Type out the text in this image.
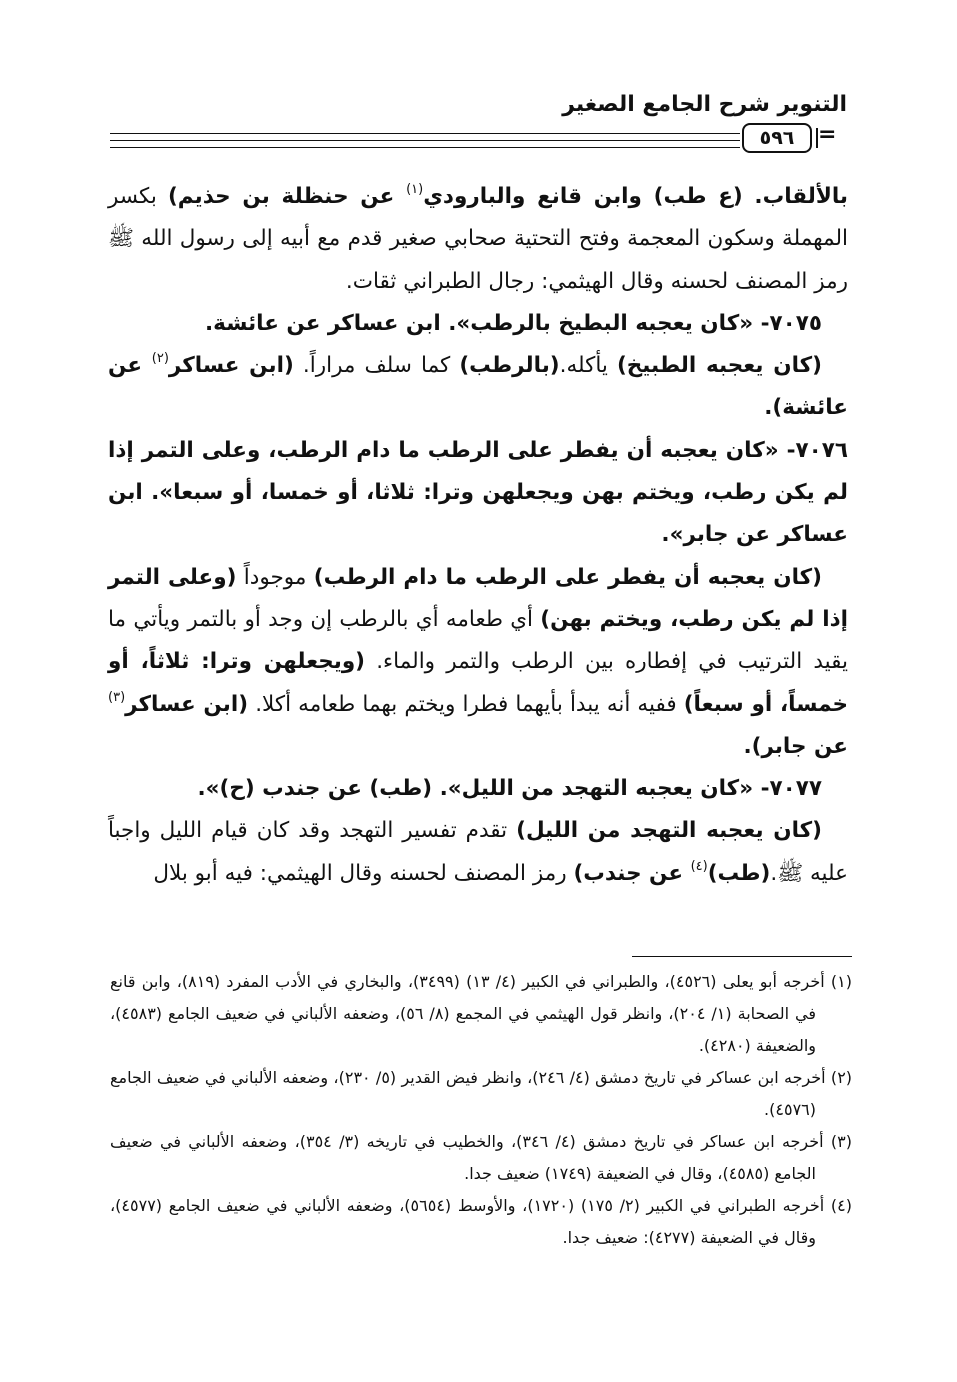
التنوير شرح الجامع الصغير
٥٩٦	=

بالألقاب. (ع طب) وابن قانع والبارودي$^{(١)}$ عن حنظلة بن حذيم) بكسر المهملة وسكون المعجمة وفتح التحتية صحابي صغير قدم مع أبيه إلى رسول الله ﷺ رمز المصنف لحسنه وقال الهيثمي: رجال الطبراني ثقات.

٧٠٧٥- «كان يعجبه البطيخ بالرطب». ابن عساكر عن عائشة.

(كان يعجبه الطبيخ) يأكله.(بالرطب) كما سلف مراراً. (ابن عساكر$^{(٢)}$ عن عائشة).

٧٠٧٦- «كان يعجبه أن يفطر على الرطب ما دام الرطب، وعلى التمر إذا لم يكن رطب، ويختم بهن ويجعلهن وترا: ثلاثا، أو خمسا، أو سبعا». ابن عساكر عن جابر».

(كان يعجبه أن يفطر على الرطب ما دام الرطب) موجوداً (وعلى التمر إذا لم يكن رطب، ويختم بهن) أي طعامه أي بالرطب إن وجد أو بالتمر ويأتي ما يقيد الترتيب في إفطاره بين الرطب والتمر والماء. (ويجعلهن وترا: ثلاثاً، أو خمساً، أو سبعاً) ففيه أنه يبدأ بأيهما فطرا ويختم بهما طعامه أكلا. (ابن عساكر$^{(٣)}$ عن جابر).

٧٠٧٧- «كان يعجبه التهجد من الليل». (طب) عن جندب (ح)».

(كان يعجبه التهجد من الليل) تقدم تفسير التهجد وقد كان قيام الليل واجباً عليه ﷺ.(طب)$^{(٤)}$ عن جندب) رمز المصنف لحسنه وقال الهيثمي: فيه أبو بلال

(١) أخرجه أبو يعلى (٤٥٢٦)، والطبراني في الكبير (٤/ ١٣) (٣٤٩٩)، والبخاري في الأدب المفرد (٨١٩)، وابن قانع في الصحابة (١/ ٢٠٤)، وانظر قول الهيثمي في المجمع (٨/ ٥٦)، وضعفه الألباني في ضعيف الجامع (٤٥٨٣)، والضعيفة (٤٢٨٠).

(٢) أخرجه ابن عساكر في تاريخ دمشق (٤/ ٢٤٦)، وانظر فيض القدير (٥/ ٢٣٠)، وضعفه الألباني في ضعيف الجامع (٤٥٧٦).

(٣) أخرجه ابن عساكر في تاريخ دمشق (٤/ ٣٤٦)، والخطيب في تاريخه (٣/ ٣٥٤)، وضعفه الألباني في ضعيف الجامع (٤٥٨٥)، وقال في الضعيفة (١٧٤٩) ضعيف جدا.

(٤) أخرجه الطبراني في الكبير (٢/ ١٧٥) (١٧٢٠)، والأوسط (٥٦٥٤)، وضعفه الألباني في ضعيف الجامع (٤٥٧٧)، وقال في الضعيفة (٤٢٧٧): ضعيف جدا.
